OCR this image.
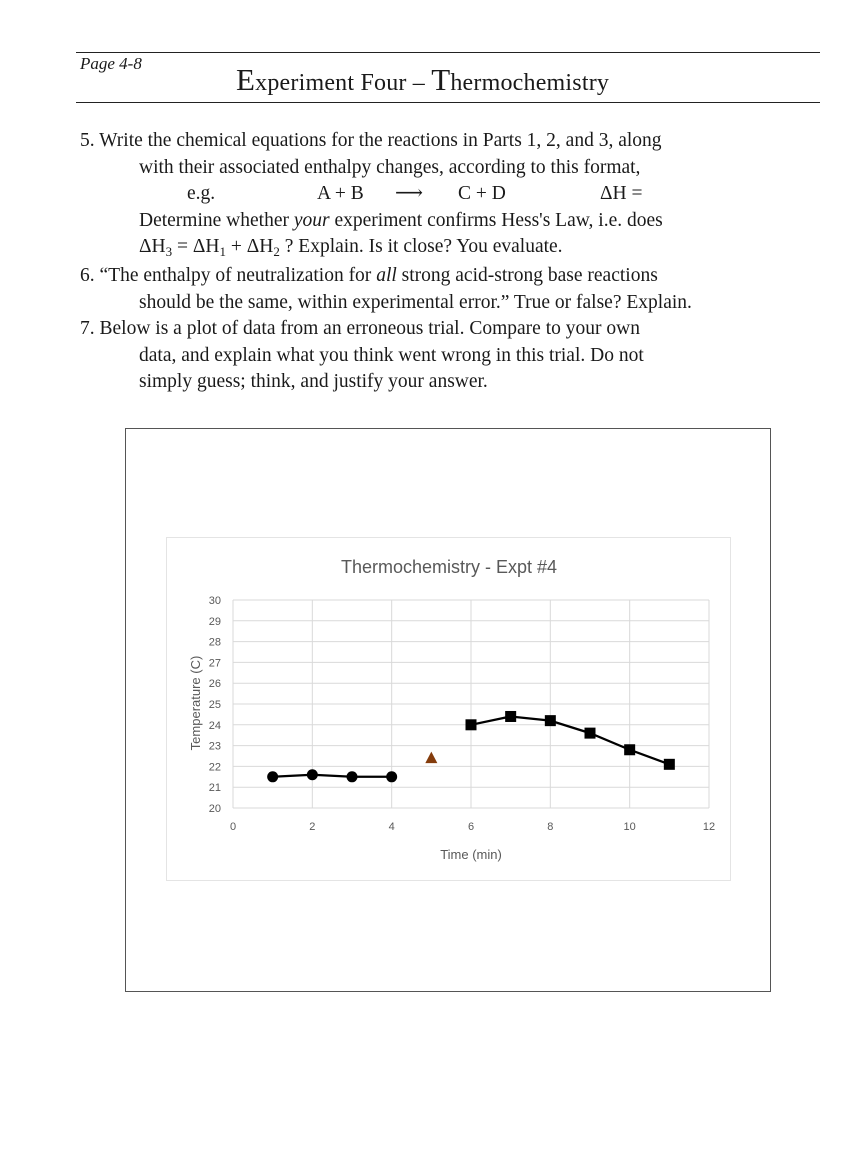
Page 4-8	Experiment Four – Thermochemistry
5. Write the chemical equations for the reactions in Parts 1, 2, and 3, along
with their associated enthalpy changes, according to this format,
e.g.	A + B ⟶ C + D	ΔH =
Determine whether your experiment confirms Hess's Law, i.e. does
$\Delta H_3 = \Delta H_1 + \Delta H_2$ ? Explain. Is it close? You evaluate.
6. “The enthalpy of neutralization for all strong acid-strong base reactions
should be the same, within experimental error.” True or false? Explain.
7. Below is a plot of data from an erroneous trial. Compare to your own
data, and explain what you think went wrong in this trial. Do not
simply guess; think, and justify your answer.
Thermochemistry - Expt #4
Time (min)
Temperature (C)
20
21
22
23
24
25
26
27
28
29
30
0	2	4	6	8	10	12
